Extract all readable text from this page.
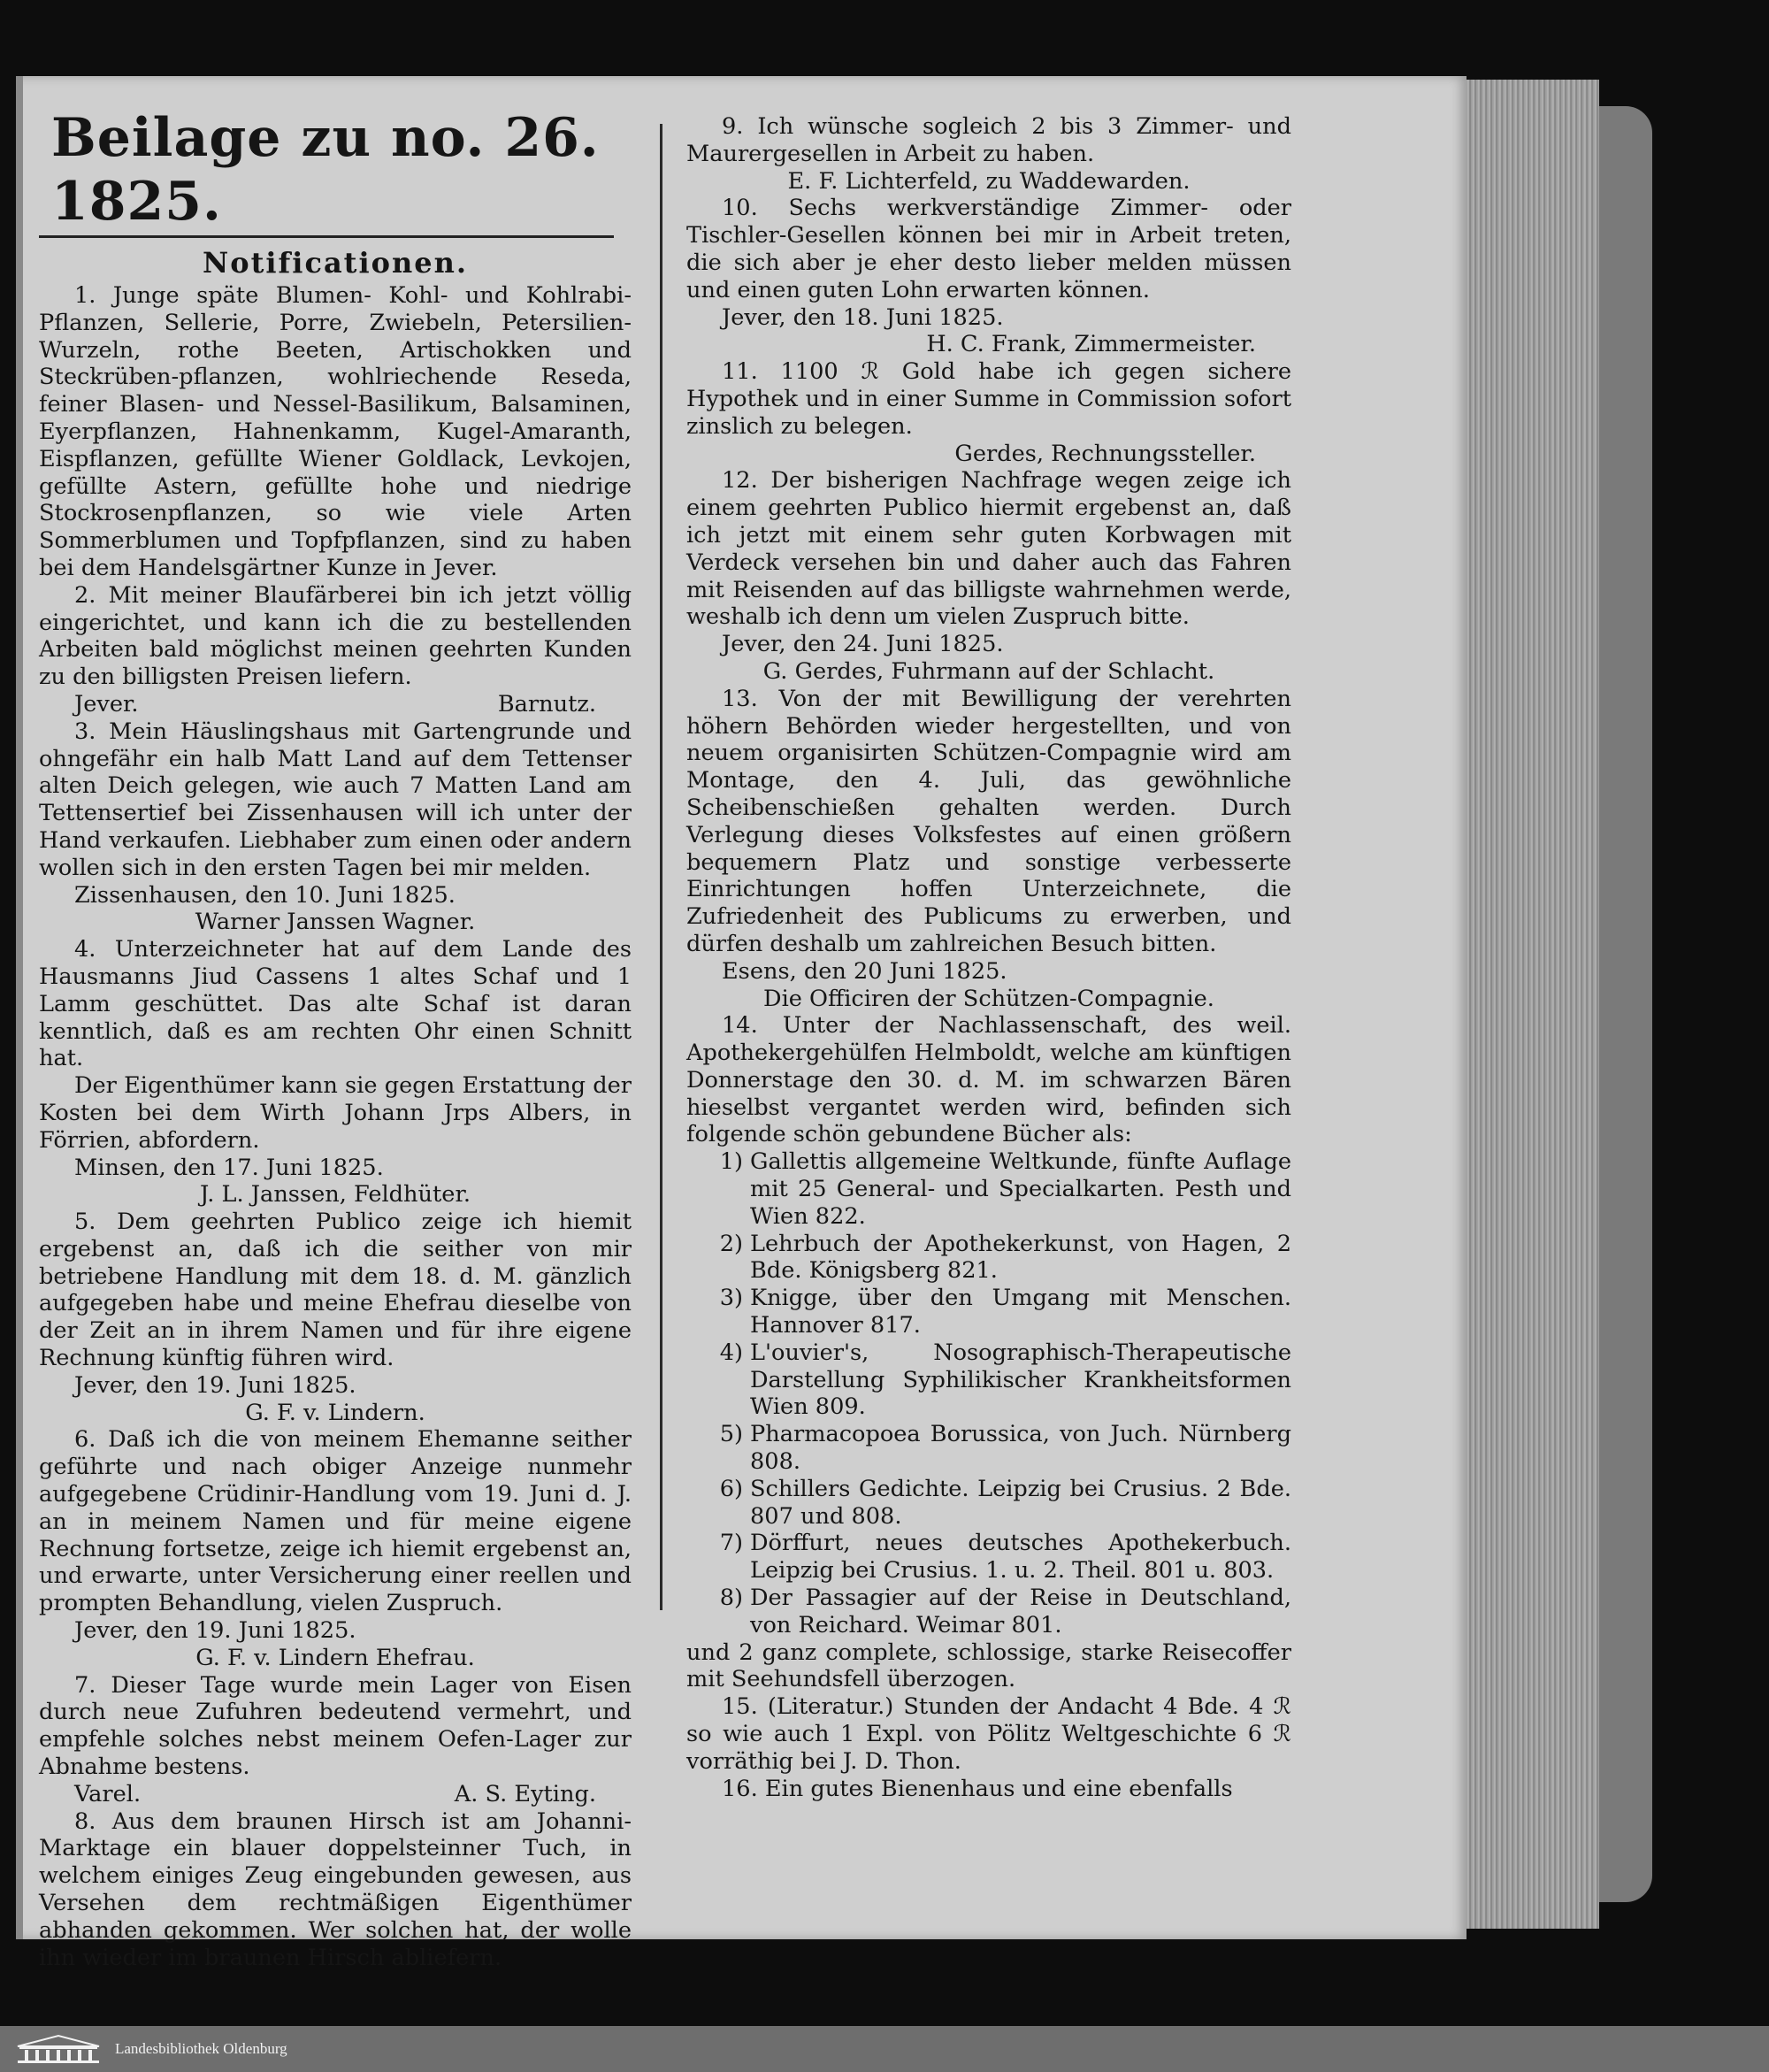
Beilage zu no. 26. 1825.
Notificationen.

1. Junge späte Blumen- Kohl- und Kohlrabi-Pflanzen, Sellerie, Porre, Zwiebeln, Petersilien-Wurzeln, rothe Beeten, Artischokken und Steckrüben-pflanzen, wohlriechende Reseda, feiner Blasen- und Nessel-Basilikum, Balsaminen, Eyerpflanzen, Hahnenkamm, Kugel-Amaranth, Eispflanzen, gefüllte Wiener Goldlack, Levkojen, gefüllte Astern, gefüllte hohe und niedrige Stockrosenpflanzen, so wie viele Arten Sommerblumen und Topfpflanzen, sind zu haben bei dem Handelsgärtner Kunze in Jever.

2. Mit meiner Blaufärberei bin ich jetzt völlig eingerichtet, und kann ich die zu bestellenden Arbeiten bald möglichst meinen geehrten Kunden zu den billigsten Preisen liefern.

Jever.	Barnutz.

3. Mein Häuslingshaus mit Gartengrunde und ohngefähr ein halb Matt Land auf dem Tettenser alten Deich gelegen, wie auch 7 Matten Land am Tettensertief bei Zissenhausen will ich unter der Hand verkaufen. Liebhaber zum einen oder andern wollen sich in den ersten Tagen bei mir melden.

Zissenhausen, den 10. Juni 1825.

Warner Janssen Wagner.

4. Unterzeichneter hat auf dem Lande des Hausmanns Jiud Cassens 1 altes Schaf und 1 Lamm geschüttet. Das alte Schaf ist daran kenntlich, daß es am rechten Ohr einen Schnitt hat.

Der Eigenthümer kann sie gegen Erstattung der Kosten bei dem Wirth Johann Jrps Albers, in Förrien, abfordern.

Minsen, den 17. Juni 1825.

J. L. Janssen, Feldhüter.

5. Dem geehrten Publico zeige ich hiemit ergebenst an, daß ich die seither von mir betriebene Handlung mit dem 18. d. M. gänzlich aufgegeben habe und meine Ehefrau dieselbe von der Zeit an in ihrem Namen und für ihre eigene Rechnung künftig führen wird.

Jever, den 19. Juni 1825.

G. F. v. Lindern.

6. Daß ich die von meinem Ehemanne seither geführte und nach obiger Anzeige nunmehr aufgegebene Crüdinir-Handlung vom 19. Juni d. J. an in meinem Namen und für meine eigene Rechnung fortsetze, zeige ich hiemit ergebenst an, und erwarte, unter Versicherung einer reellen und prompten Behandlung, vielen Zuspruch.

Jever, den 19. Juni 1825.

G. F. v. Lindern Ehefrau.

7. Dieser Tage wurde mein Lager von Eisen durch neue Zufuhren bedeutend vermehrt, und empfehle solches nebst meinem Oefen-Lager zur Abnahme bestens.

Varel.	A. S. Eyting.

8. Aus dem braunen Hirsch ist am Johanni-Marktage ein blauer doppelsteinner Tuch, in welchem einiges Zeug eingebunden gewesen, aus Versehen dem rechtmäßigen Eigenthümer abhanden gekommen. Wer solchen hat, der wolle ihn wieder im braunen Hirsch abliefern.

9. Ich wünsche sogleich 2 bis 3 Zimmer- und Maurergesellen in Arbeit zu haben.

E. F. Lichterfeld, zu Waddewarden.

10. Sechs werkverständige Zimmer- oder Tischler-Gesellen können bei mir in Arbeit treten, die sich aber je eher desto lieber melden müssen und einen guten Lohn erwarten können.

Jever, den 18. Juni 1825.

H. C. Frank, Zimmermeister.

11. 1100 ℛ Gold habe ich gegen sichere Hypothek und in einer Summe in Commission sofort zinslich zu belegen.

Gerdes, Rechnungssteller.

12. Der bisherigen Nachfrage wegen zeige ich einem geehrten Publico hiermit ergebenst an, daß ich jetzt mit einem sehr guten Korbwagen mit Verdeck versehen bin und daher auch das Fahren mit Reisenden auf das billigste wahrnehmen werde, weshalb ich denn um vielen Zuspruch bitte.

Jever, den 24. Juni 1825.

G. Gerdes, Fuhrmann auf der Schlacht.

13. Von der mit Bewilligung der verehrten höhern Behörden wieder hergestellten, und von neuem organisirten Schützen-Compagnie wird am Montage, den 4. Juli, das gewöhnliche Scheibenschießen gehalten werden. Durch Verlegung dieses Volksfestes auf einen größern bequemern Platz und sonstige verbesserte Einrichtungen hoffen Unterzeichnete, die Zufriedenheit des Publicums zu erwerben, und dürfen deshalb um zahlreichen Besuch bitten.

Esens, den 20 Juni 1825.

Die Officiren der Schützen-Compagnie.

14. Unter der Nachlassenschaft, des weil. Apothekergehülfen Helmboldt, welche am künftigen Donnerstage den 30. d. M. im schwarzen Bären hieselbst vergantet werden wird, befinden sich folgende schön gebundene Bücher als:

1) Gallettis allgemeine Weltkunde, fünfte Auflage mit 25 General- und Specialkarten. Pesth und Wien 822.
2) Lehrbuch der Apothekerkunst, von Hagen, 2 Bde. Königsberg 821.
3) Knigge, über den Umgang mit Menschen. Hannover 817.
4) L'ouvier's, Nosographisch-Therapeutische Darstellung Syphilikischer Krankheitsformen Wien 809.
5) Pharmacopoea Borussica, von Juch. Nürnberg 808.
6) Schillers Gedichte. Leipzig bei Crusius. 2 Bde. 807 und 808.
7) Dörffurt, neues deutsches Apothekerbuch. Leipzig bei Crusius. 1. u. 2. Theil. 801 u. 803.
8) Der Passagier auf der Reise in Deutschland, von Reichard. Weimar 801.

und 2 ganz complete, schlossige, starke Reisecoffer mit Seehundsfell überzogen.

15. (Literatur.) Stunden der Andacht 4 Bde. 4 ℛ so wie auch 1 Expl. von Pölitz Weltgeschichte 6 ℛ vorräthig bei J. D. Thon.

16. Ein gutes Bienenhaus und eine ebenfalls

Landesbibliothek Oldenburg
